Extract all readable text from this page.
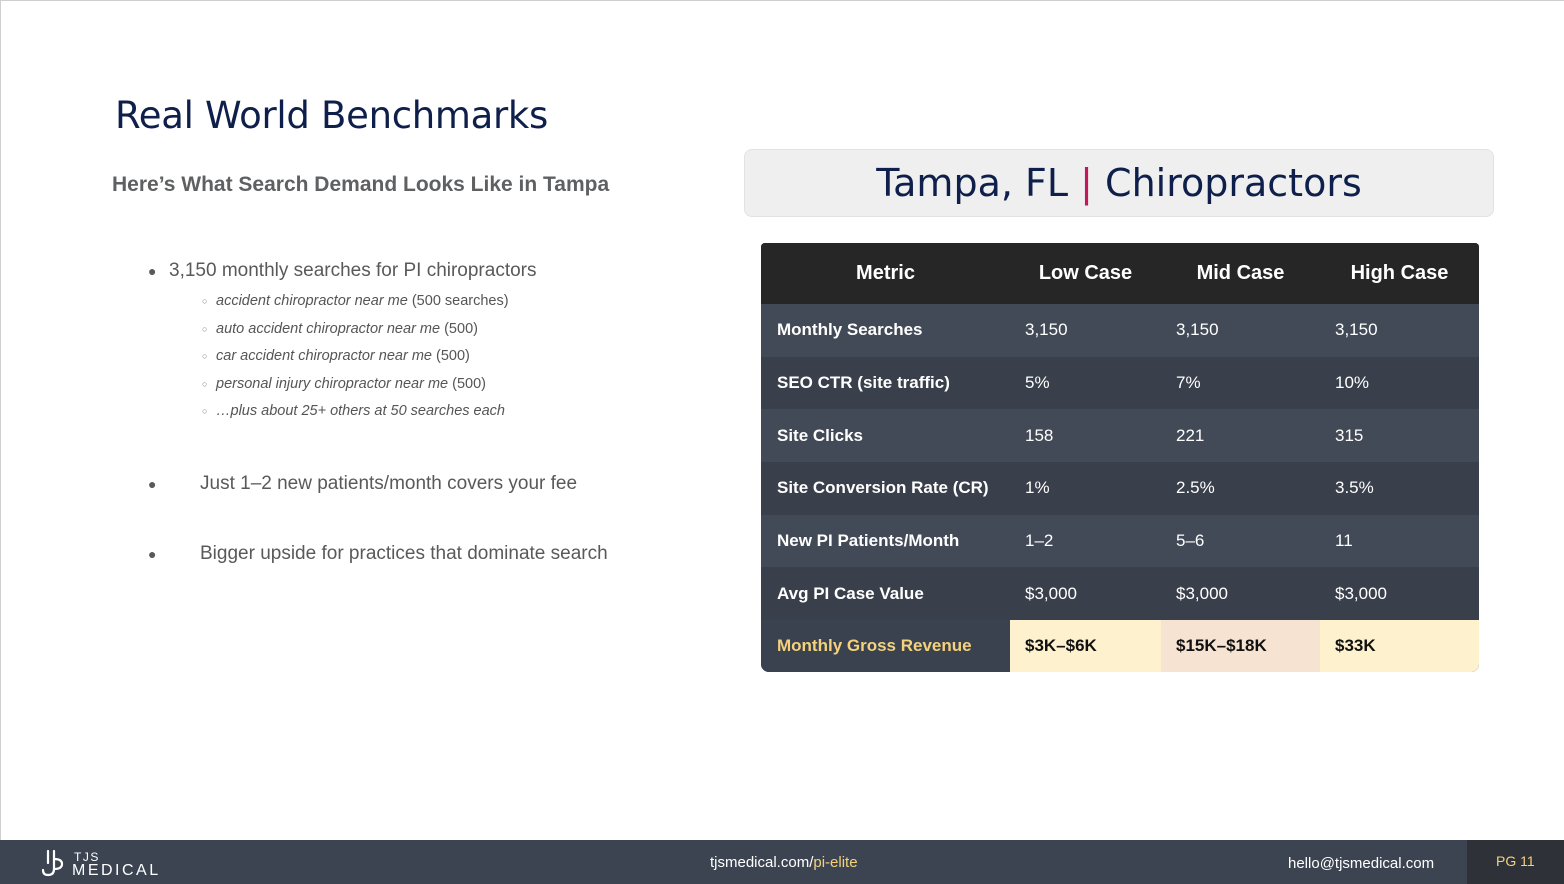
Real World Benchmarks
Here’s What Search Demand Looks Like in Tampa
● 3,150 monthly searches for PI chiropractors
○ accident chiropractor near me (500 searches)
○ auto accident chiropractor near me (500)
○ car accident chiropractor near me (500)
○ personal injury chiropractor near me (500)
○ …plus about 25+ others at 50 searches each
● Just 1–2 new patients/month covers your fee
● Bigger upside for practices that dominate search
Tampa, FL | Chiropractors
Metric	Low Case	Mid Case	High Case
Monthly Searches	3,150	3,150	3,150
SEO CTR (site traffic)	5%	7%	10%
Site Clicks	158	221	315
Site Conversion Rate (CR)	1%	2.5%	3.5%
New PI Patients/Month	1–2	5–6	11
Avg PI Case Value	$3,000	$3,000	$3,000
Monthly Gross Revenue	$3K–$6K	$15K–$18K	$33K
TJS
MEDICAL	tjsmedical.com/pi-elite	hello@tjsmedical.com	PG 11
